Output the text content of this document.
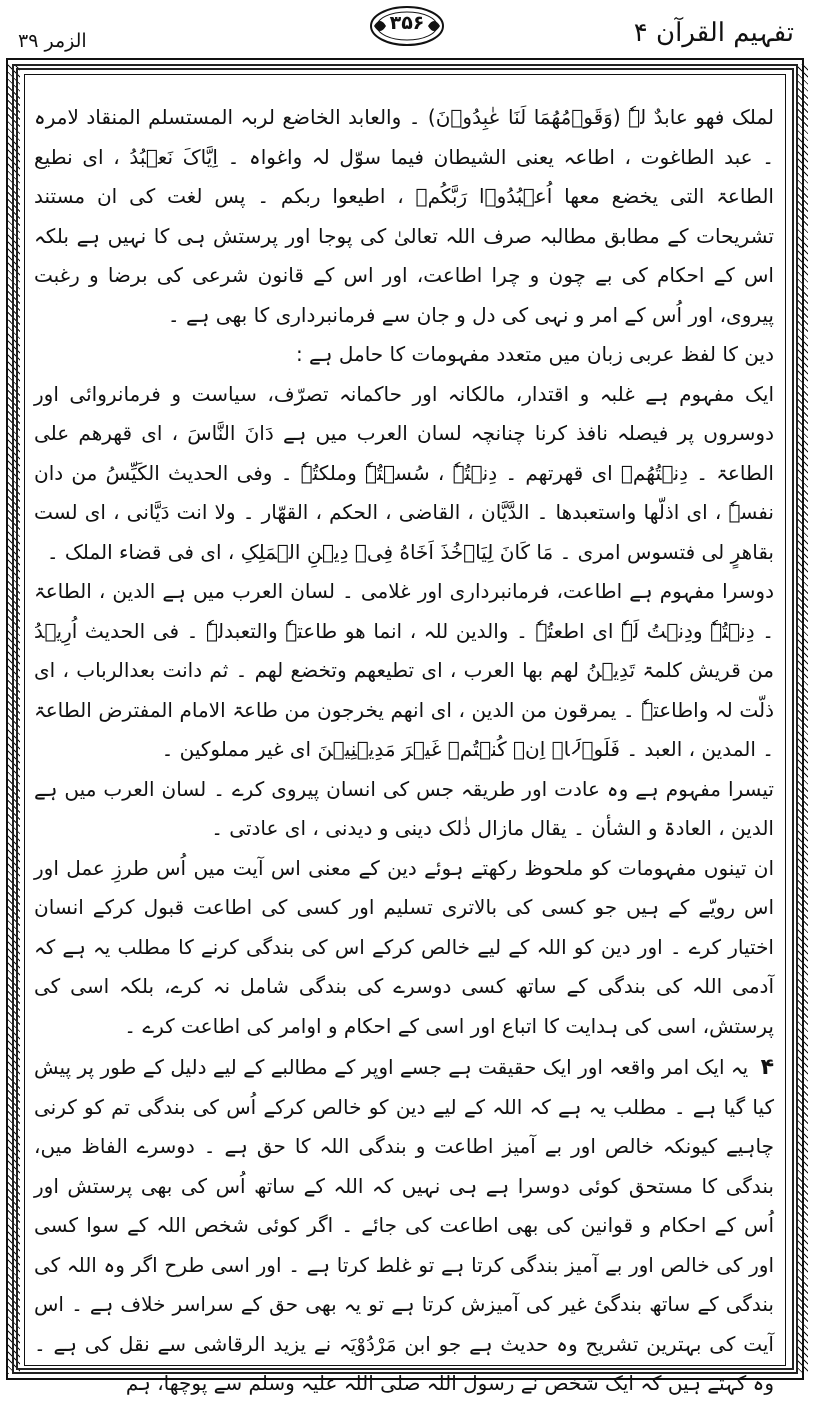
الزمر ۳۹
۳۵۶	تفہیم القرآن ۴

لملک فھو عابدٌ لہٗ (وَقَوۡمُهُمَا لَنَا عٰبِدُوۡنَ) ۔ والعابد الخاضع لربہ المستسلم المنقاد لامرہ ۔ عبد الطاغوت ، اطاعہ یعنی الشیطان فیما سوّل لہ واغواہ ۔ اِیَّاکَ نَعۡبُدُ ، ای نطیع الطاعۃ التی یخضع معھا اُعۡبُدُوۡا رَبَّکُمۡ ، اطیعوا ربکم ۔ پس لغت کی ان مستند تشریحات کے مطابق مطالبہ صرف اللہ تعالیٰ کی پوجا اور پرستش ہی کا نہیں ہے بلکہ اس کے احکام کی بے چون و چرا اطاعت، اور اس کے قانون شرعی کی برضا و رغبت پیروی، اور اُس کے امر و نہی کی دل و جان سے فرمانبرداری کا بھی ہے ۔

دین کا لفظ عربی زبان میں متعدد مفہومات کا حامل ہے :

ایک مفہوم ہے غلبہ و اقتدار، مالکانہ اور حاکمانہ تصرّف، سیاست و فرمانروائی اور دوسروں پر فیصلہ نافذ کرنا چنانچہ لسان العرب میں ہے دَانَ النَّاسَ ، ای قھرھم علی الطاعۃ ۔ دِنۡتُھُمۡ ای قھرتھم ۔ دِنۡتُہٗ ، سُسۡتُہٗ وملکتُہٗ ۔ وفی الحدیث الکَیِّسُ من دان نفسہٗ ، ای اذلّھا واستعبدھا ۔ الدَّیَّان ، القاضی ، الحکم ، القھّار ۔ ولا انت دَیَّانی ، ای لست بقاھرٍ لی فتسوس امری ۔ مَا کَانَ لِیَاۡخُذَ اَخَاهُ فِیۡ دِیۡنِ الۡمَلِکِ ، ای فی قضاء الملک ۔

دوسرا مفہوم ہے اطاعت، فرمانبرداری اور غلامی ۔ لسان العرب میں ہے الدین ، الطاعۃ ۔ دِنۡتُہٗ ودِنۡتُ لَہٗ ای اطعتُہٗ ۔ والدین للہ ، انما ھو طاعتہٗ والتعبدلہٗ ۔ فی الحدیث اُرِیۡدُ من قریش کلمۃ تَدِیۡنُ لھم بھا العرب ، ای تطیعھم وتخضع لھم ۔ ثم دانت بعدالرباب ، ای ذلّت لہ واطاعتہٗ ۔ یمرقون من الدین ، ای انھم یخرجون من طاعۃ الامام المفترض الطاعۃ ۔ المدین ، العبد ۔ فَلَوۡلَاۤ اِنۡ کُنۡتُمۡ غَیۡرَ مَدِیۡنِیۡنَ ای غیر مملوکین ۔

تیسرا مفہوم ہے وہ عادت اور طریقہ جس کی انسان پیروی کرے ۔ لسان العرب میں ہے الدین ، العادۃ و الشأن ۔ یقال مازال ذٰلک دینی و دیدنی ، ای عادتی ۔

ان تینوں مفہومات کو ملحوظ رکھتے ہوئے دین کے معنی اس آیت میں اُس طرزِ عمل اور اس رویّے کے ہیں جو کسی کی بالاتری تسلیم اور کسی کی اطاعت قبول کرکے انسان اختیار کرے ۔ اور دین کو اللہ کے لیے خالص کرکے اس کی بندگی کرنے کا مطلب یہ ہے کہ آدمی اللہ کی بندگی کے ساتھ کسی دوسرے کی بندگی شامل نہ کرے، بلکہ اسی کی پرستش، اسی کی ہدایت کا اتباع اور اسی کے احکام و اوامر کی اطاعت کرے ۔

۴ یہ ایک امر واقعہ اور ایک حقیقت ہے جسے اوپر کے مطالبے کے لیے دلیل کے طور پر پیش کیا گیا ہے ۔ مطلب یہ ہے کہ اللہ کے لیے دین کو خالص کرکے اُس کی بندگی تم کو کرنی چاہیے کیونکہ خالص اور بے آمیز اطاعت و بندگی اللہ کا حق ہے ۔ دوسرے الفاظ میں، بندگی کا مستحق کوئی دوسرا ہے ہی نہیں کہ اللہ کے ساتھ اُس کی بھی پرستش اور اُس کے احکام و قوانین کی بھی اطاعت کی جائے ۔ اگر کوئی شخص اللہ کے سوا کسی اور کی خالص اور بے آمیز بندگی کرتا ہے تو غلط کرتا ہے ۔ اور اسی طرح اگر وہ اللہ کی بندگی کے ساتھ بندگیٔ غیر کی آمیزش کرتا ہے تو یہ بھی حق کے سراسر خلاف ہے ۔ اس آیت کی بہترین تشریح وہ حدیث ہے جو ابن مَرْدُوْیَہ نے یزید الرقاشی سے نقل کی ہے ۔ وہ کہتے ہیں کہ ایک شخص نے رسول اللہ صلی اللہ علیہ وسلم سے پوچھا، ہم
